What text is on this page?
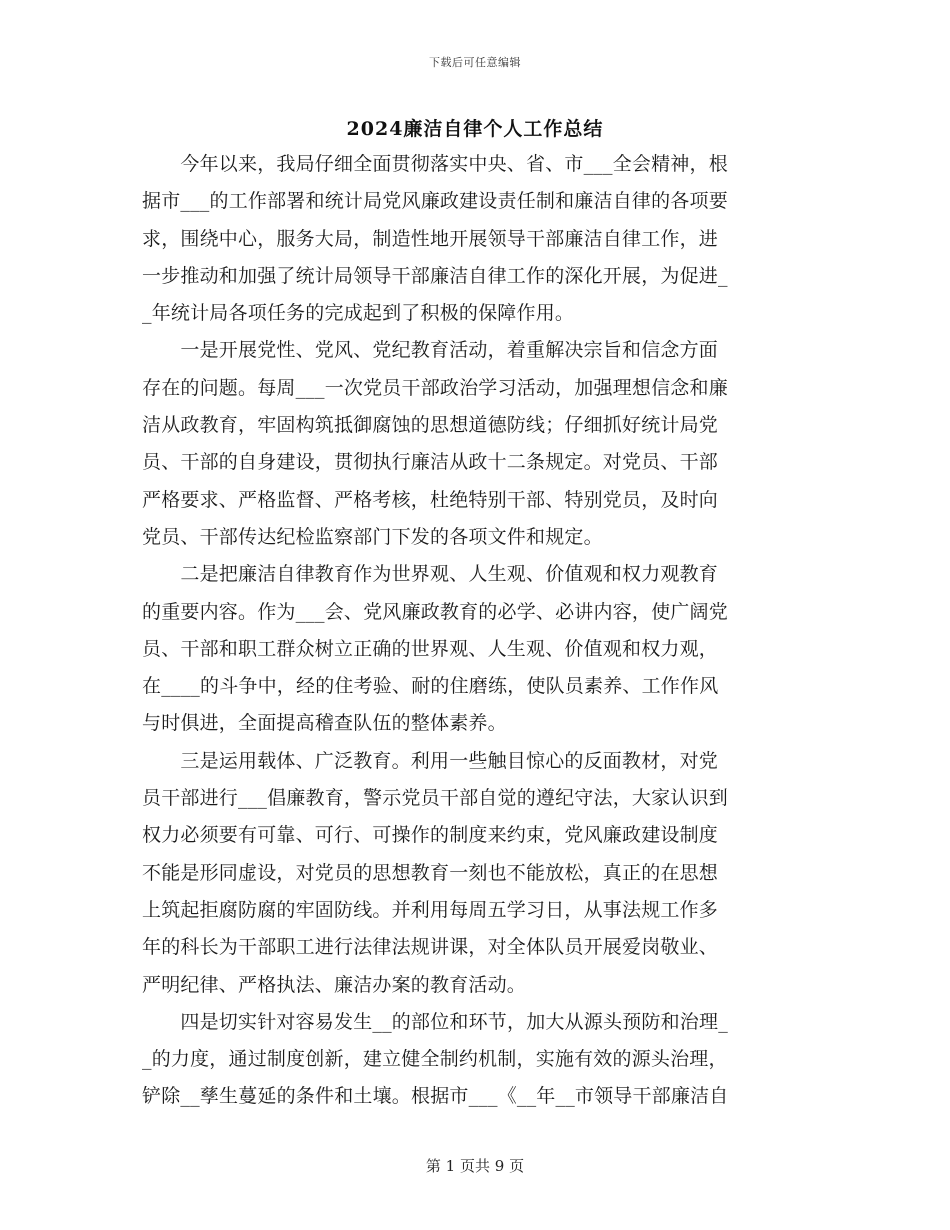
下载后可任意编辑
2024廉洁自律个人工作总结
　　今年以来，我局仔细全面贯彻落实中央、省、市___全会精神，根
据市___的工作部署和统计局党风廉政建设责任制和廉洁自律的各项要
求，围绕中心，服务大局，制造性地开展领导干部廉洁自律工作，进
一步推动和加强了统计局领导干部廉洁自律工作的深化开展，为促进_
_年统计局各项任务的完成起到了积极的保障作用。
　　一是开展党性、党风、党纪教育活动，着重解决宗旨和信念方面
存在的问题。每周___一次党员干部政治学习活动，加强理想信念和廉
洁从政教育，牢固构筑抵御腐蚀的思想道德防线；仔细抓好统计局党
员、干部的自身建设，贯彻执行廉洁从政十二条规定。对党员、干部
严格要求、严格监督、严格考核，杜绝特别干部、特别党员，及时向
党员、干部传达纪检监察部门下发的各项文件和规定。
　　二是把廉洁自律教育作为世界观、人生观、价值观和权力观教育
的重要内容。作为___会、党风廉政教育的必学、必讲内容，使广阔党
员、干部和职工群众树立正确的世界观、人生观、价值观和权力观，
在____的斗争中，经的住考验、耐的住磨练，使队员素养、工作作风
与时俱进，全面提高稽查队伍的整体素养。
　　三是运用载体、广泛教育。利用一些触目惊心的反面教材，对党
员干部进行___倡廉教育，警示党员干部自觉的遵纪守法，大家认识到
权力必须要有可靠、可行、可操作的制度来约束，党风廉政建设制度
不能是形同虚设，对党员的思想教育一刻也不能放松，真正的在思想
上筑起拒腐防腐的牢固防线。并利用每周五学习日，从事法规工作多
年的科长为干部职工进行法律法规讲课，对全体队员开展爱岗敬业、
严明纪律、严格执法、廉洁办案的教育活动。
　　四是切实针对容易发生__的部位和环节，加大从源头预防和治理_
_的力度，通过制度创新，建立健全制约机制，实施有效的源头治理，
铲除__孳生蔓延的条件和土壤。根据市___《__年__市领导干部廉洁自
第 1 页共 9 页
